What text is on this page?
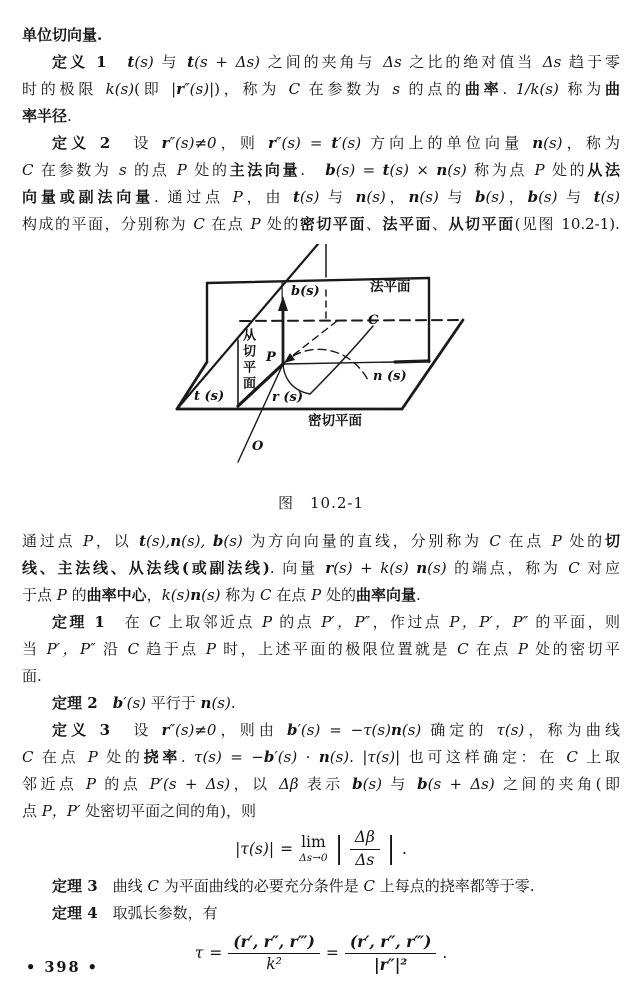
单位切向量.
定义 1　 t(s) 与 t(s + Δs) 之间的夹角与 Δs 之比的绝对值当 Δs 趋于零
时的极限 k(s)(即 |r″(s)|)，称为 C 在参数为 s 的点的曲率. 1/k(s) 称为曲
率半径.
定义 2　设 r″(s)≠0，则 r″(s) = t′(s) 方向上的单位向量 n(s)，称为
C 在参数为 s 的点 P 处的主法向量.　b(s) = t(s) × n(s) 称为点 P 处的从法
向量或副法向量. 通过点 P，由 t(s) 与 n(s)，n(s) 与 b(s)，b(s) 与 t(s)
构成的平面，分别称为 C 在点 P 处的密切平面、法平面、从切平面(见图 10.2-1).
b(s)	法平面
从切平面
C
n (s)
t (s)	r (s)
P
密切平面
O
图　10.2-1
通过点 P，以 t(s),n(s), b(s) 为方向向量的直线，分别称为 C 在点 P 处的切
线、主法线、从法线(或副法线). 向量 r(s) + k(s) n(s) 的端点，称为 C 对应
于点 P 的曲率中心，k(s)n(s) 称为 C 在点 P 处的曲率向量.
定理 1　在 C 上取邻近点 P 的点 P′，P″，作过点 P，P′，P″ 的平面，则
当 P′，P″ 沿 C 趋于点 P 时，上述平面的极限位置就是 C 在点 P 处的密切平
面.
定理 2　 b′(s) 平行于 n(s).
定义 3　设 r″(s)≠0，则由 b′(s) = −τ(s)n(s) 确定的 τ(s)，称为曲线
C 在点 P 处的挠率. τ(s) = −b′(s) · n(s). |τ(s)| 也可这样确定：在 C 上取
邻近点 P 的点 P′(s + Δs)，以 Δβ 表示 b(s) 与 b(s + Δs) 之间的夹角(即
点 P，P′ 处密切平面之间的角)，则
|τ(s)| = lim
Δs→0 | $\frac{\Delta\beta}{\Delta s}$ | .
定理 3　曲线 C 为平面曲线的必要充分条件是 C 上每点的挠率都等于零.
定理 4　取弧长参数，有
$\tau = \frac{(r', r'', r‴)}{\text{k²}} = \frac{(r', r'', r‴)}{\text{|r″|²}}$ .
• 398 •
